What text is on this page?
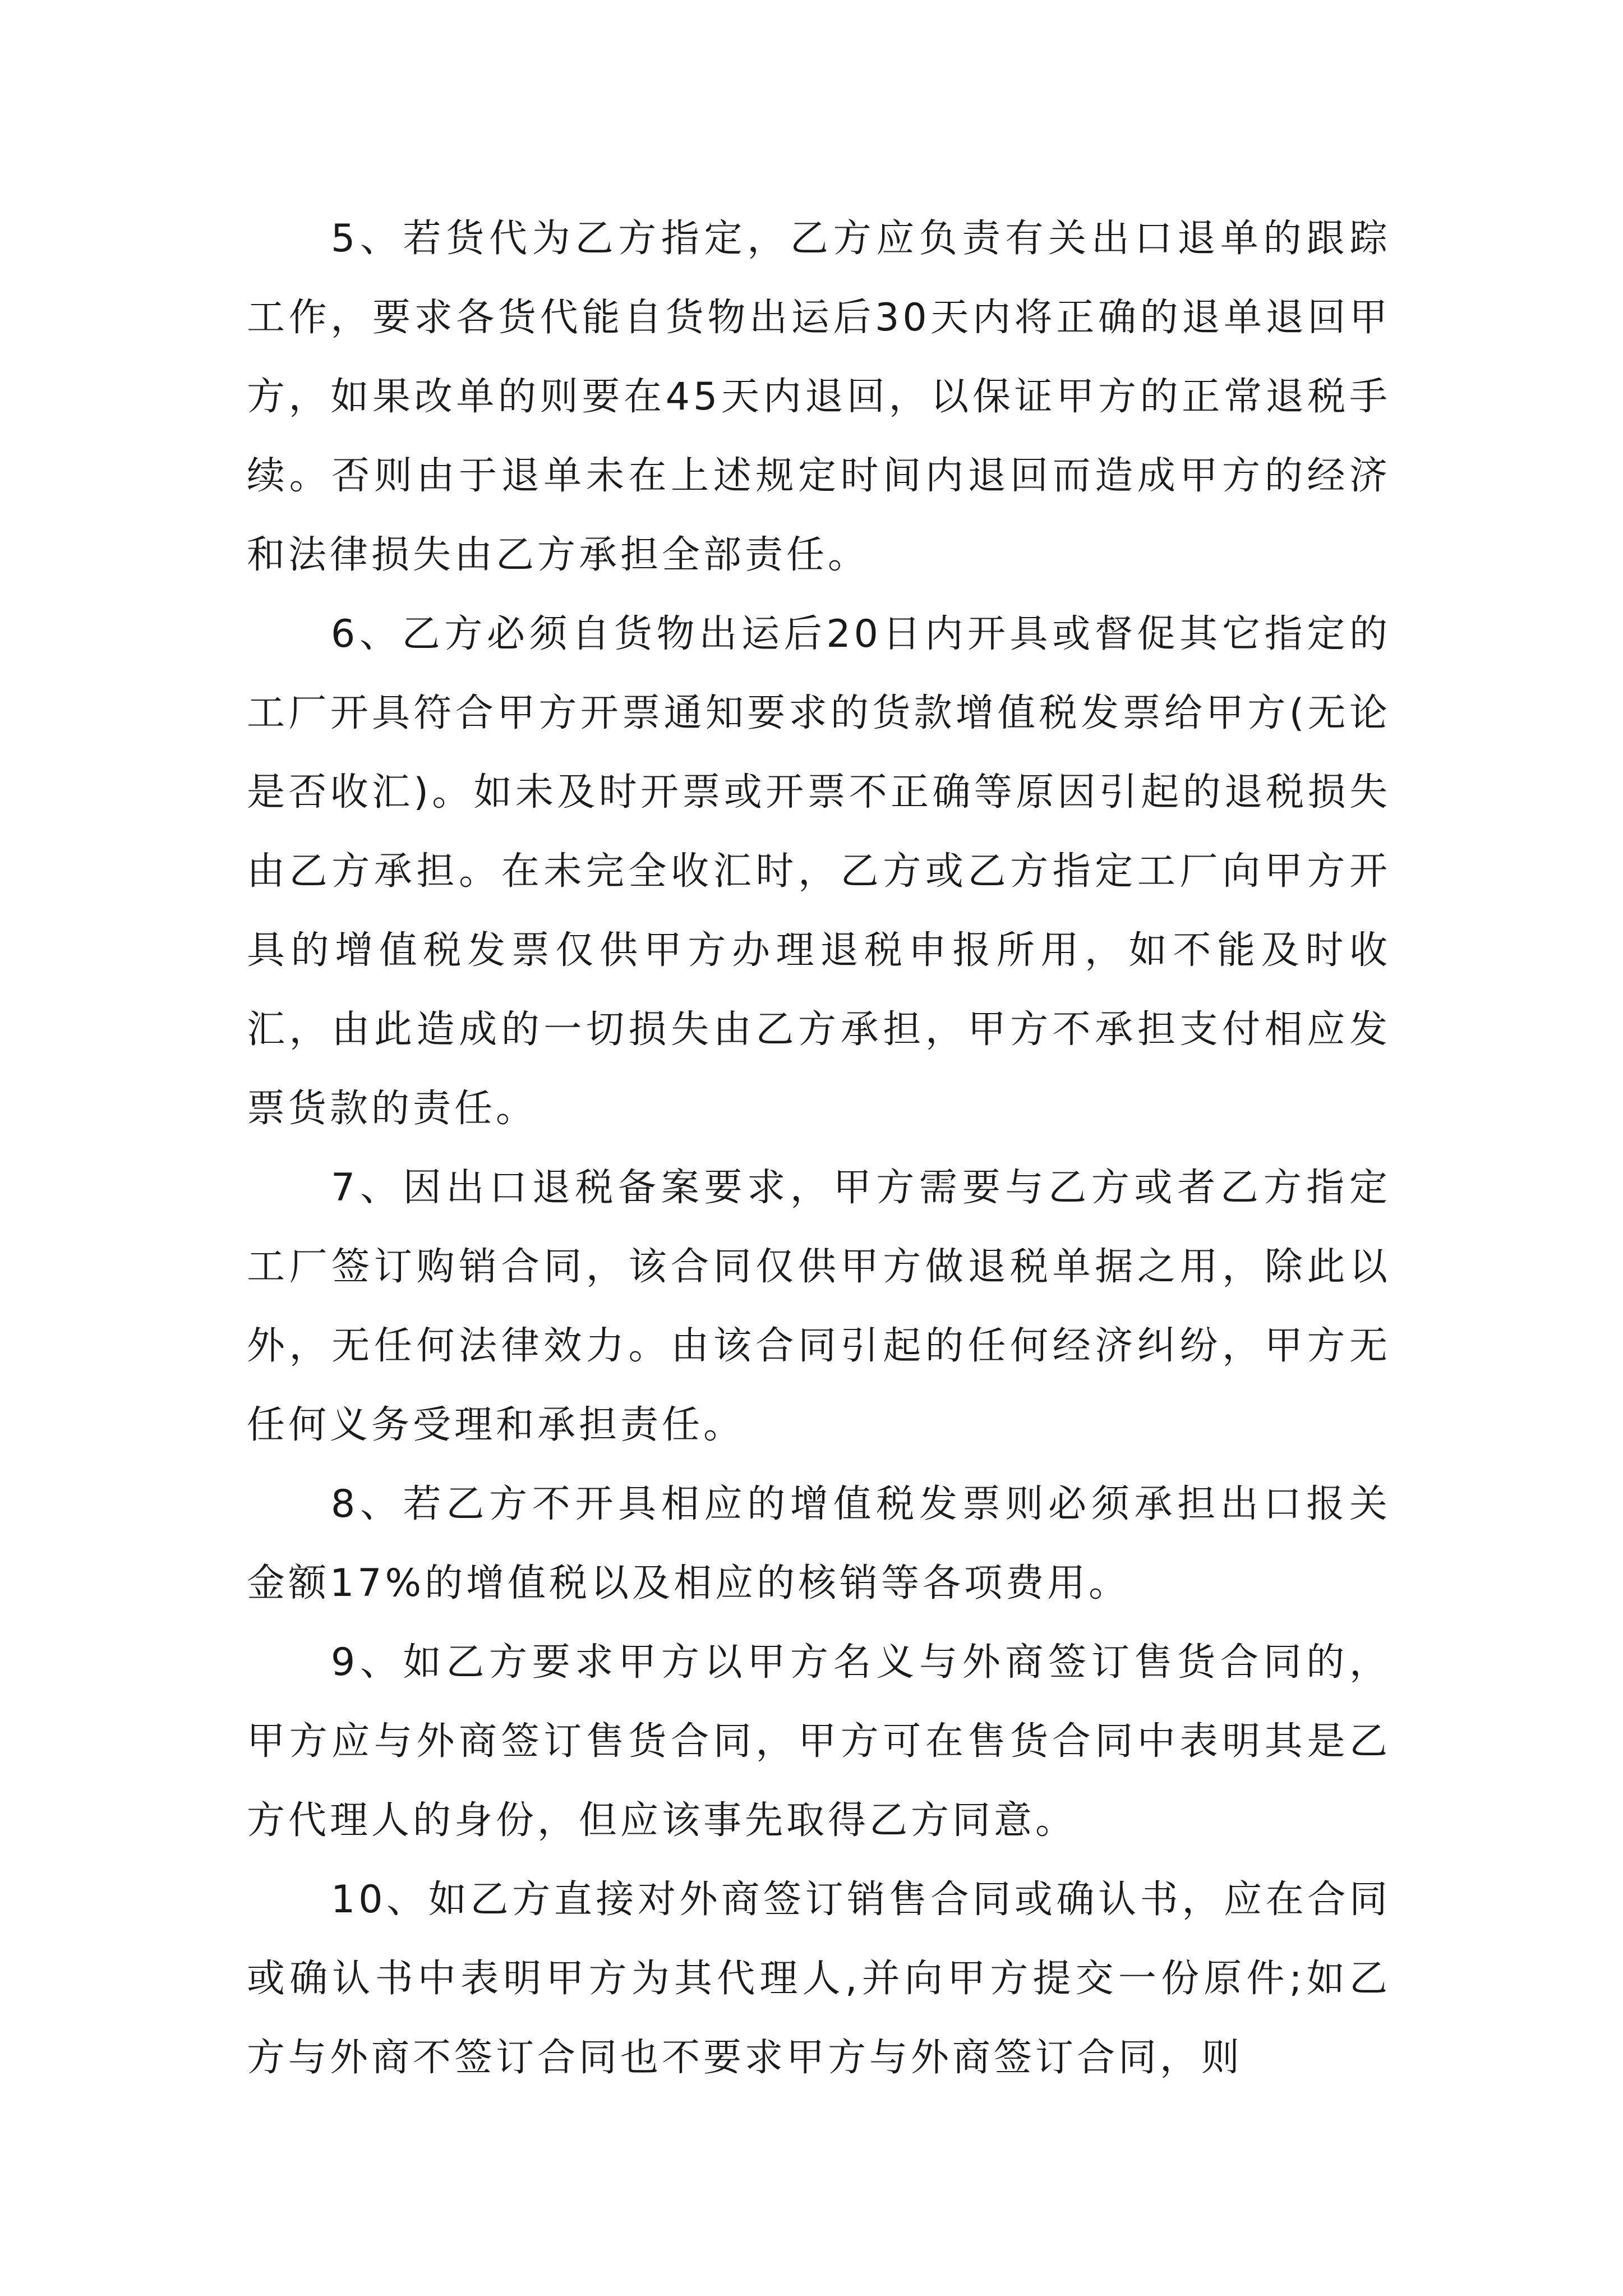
5、若货代为乙方指定，乙方应负责有关出口退单的跟踪工作，要求各货代能自货物出运后30天内将正确的退单退回甲方，如果改单的则要在45天内退回，以保证甲方的正常退税手续。否则由于退单未在上述规定时间内退回而造成甲方的经济和法律损失由乙方承担全部责任。

6、乙方必须自货物出运后20日内开具或督促其它指定的工厂开具符合甲方开票通知要求的货款增值税发票给甲方(无论是否收汇)。如未及时开票或开票不正确等原因引起的退税损失由乙方承担。在未完全收汇时，乙方或乙方指定工厂向甲方开具的增值税发票仅供甲方办理退税申报所用，如不能及时收汇，由此造成的一切损失由乙方承担，甲方不承担支付相应发票货款的责任。

7、因出口退税备案要求，甲方需要与乙方或者乙方指定工厂签订购销合同，该合同仅供甲方做退税单据之用，除此以外，无任何法律效力。由该合同引起的任何经济纠纷，甲方无任何义务受理和承担责任。

8、若乙方不开具相应的增值税发票则必须承担出口报关金额17%的增值税以及相应的核销等各项费用。

9、如乙方要求甲方以甲方名义与外商签订售货合同的，甲方应与外商签订售货合同，甲方可在售货合同中表明其是乙方代理人的身份，但应该事先取得乙方同意。

10、如乙方直接对外商签订销售合同或确认书，应在合同或确认书中表明甲方为其代理人,并向甲方提交一份原件;如乙方与外商不签订合同也不要求甲方与外商签订合同，则
